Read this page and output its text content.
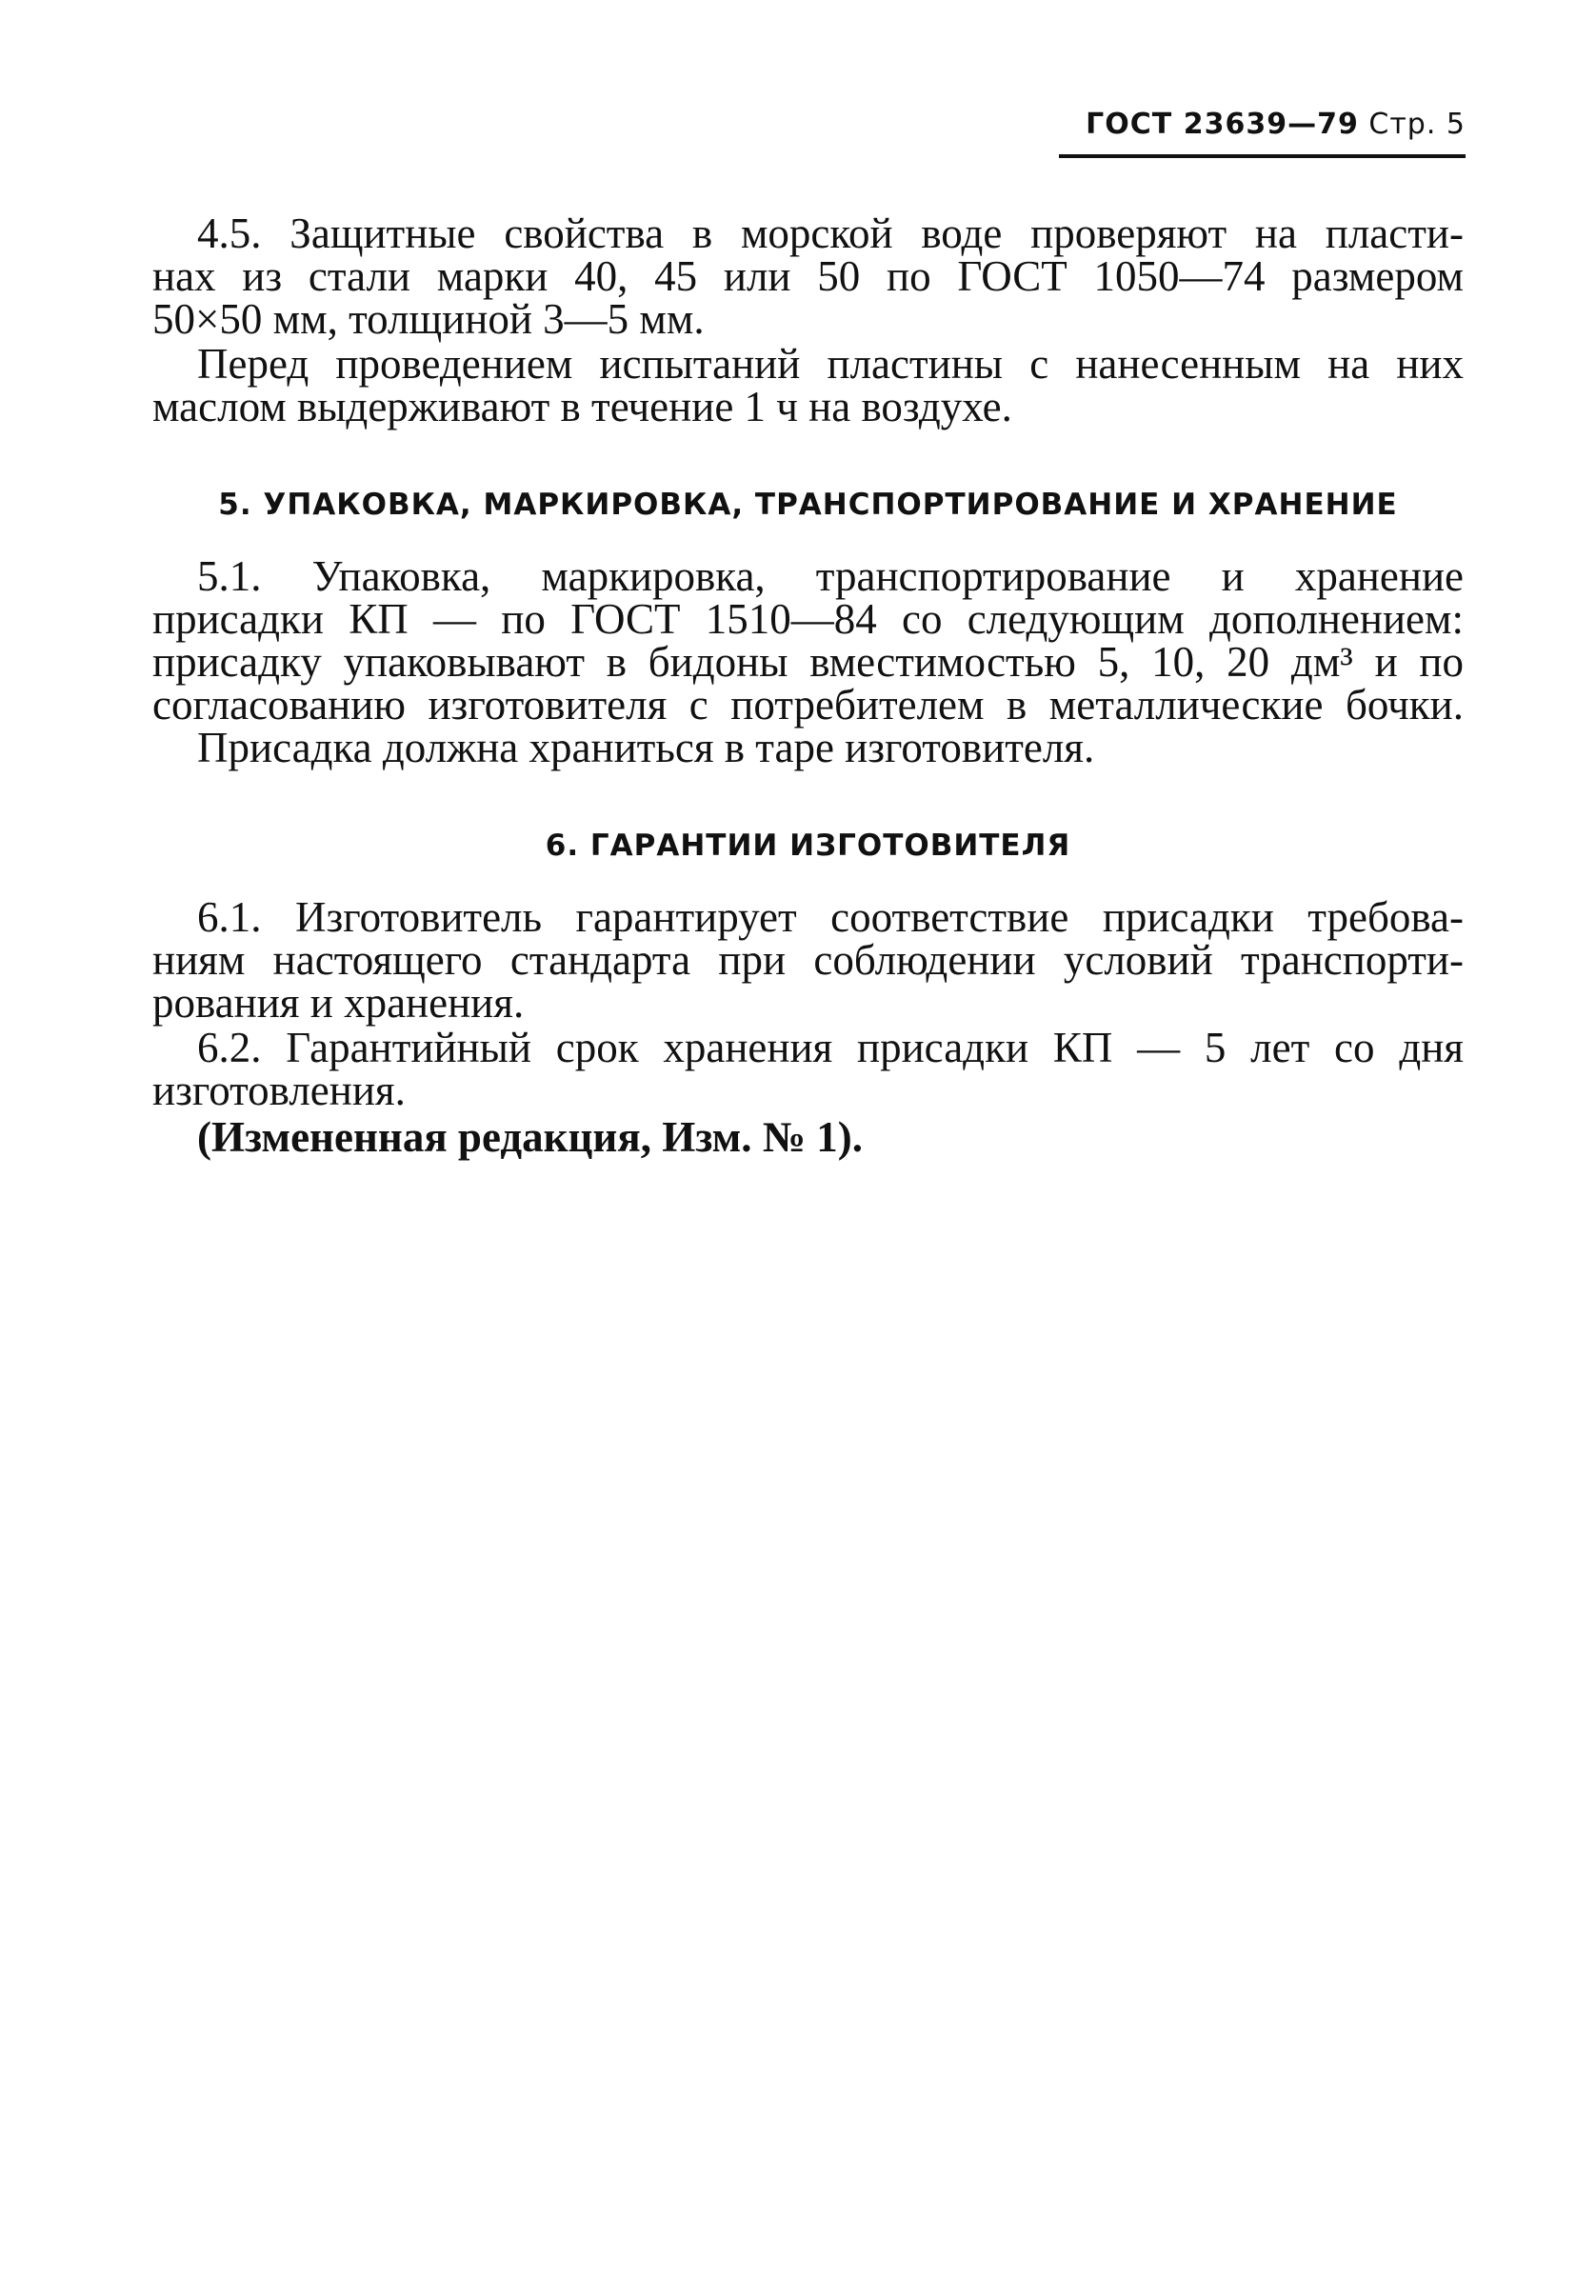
ГОСТ 23639—79 Стр. 5
4.5. Защитные свойства в морской воде проверяют на пласти-
нах из стали марки 40, 45 или 50 по ГОСТ 1050—74 размером
50×50 мм, толщиной 3—5 мм.
Перед проведением испытаний пластины с нанесенным на них
маслом выдерживают в течение 1 ч на воздухе.
5. УПАКОВКА, МАРКИРОВКА, ТРАНСПОРТИРОВАНИЕ И ХРАНЕНИЕ
5.1. Упаковка, маркировка, транспортирование и хранение
присадки КП — по ГОСТ 1510—84 со следующим дополнением:
присадку упаковывают в бидоны вместимостью 5, 10, 20 дм³ и по
согласованию изготовителя с потребителем в металлические бочки.
Присадка должна храниться в таре изготовителя.
6. ГАРАНТИИ ИЗГОТОВИТЕЛЯ
6.1. Изготовитель гарантирует соответствие присадки требова-
ниям настоящего стандарта при соблюдении условий транспорти-
рования и хранения.
6.2. Гарантийный срок хранения присадки КП — 5 лет со дня
изготовления.
(Измененная редакция, Изм. № 1).
